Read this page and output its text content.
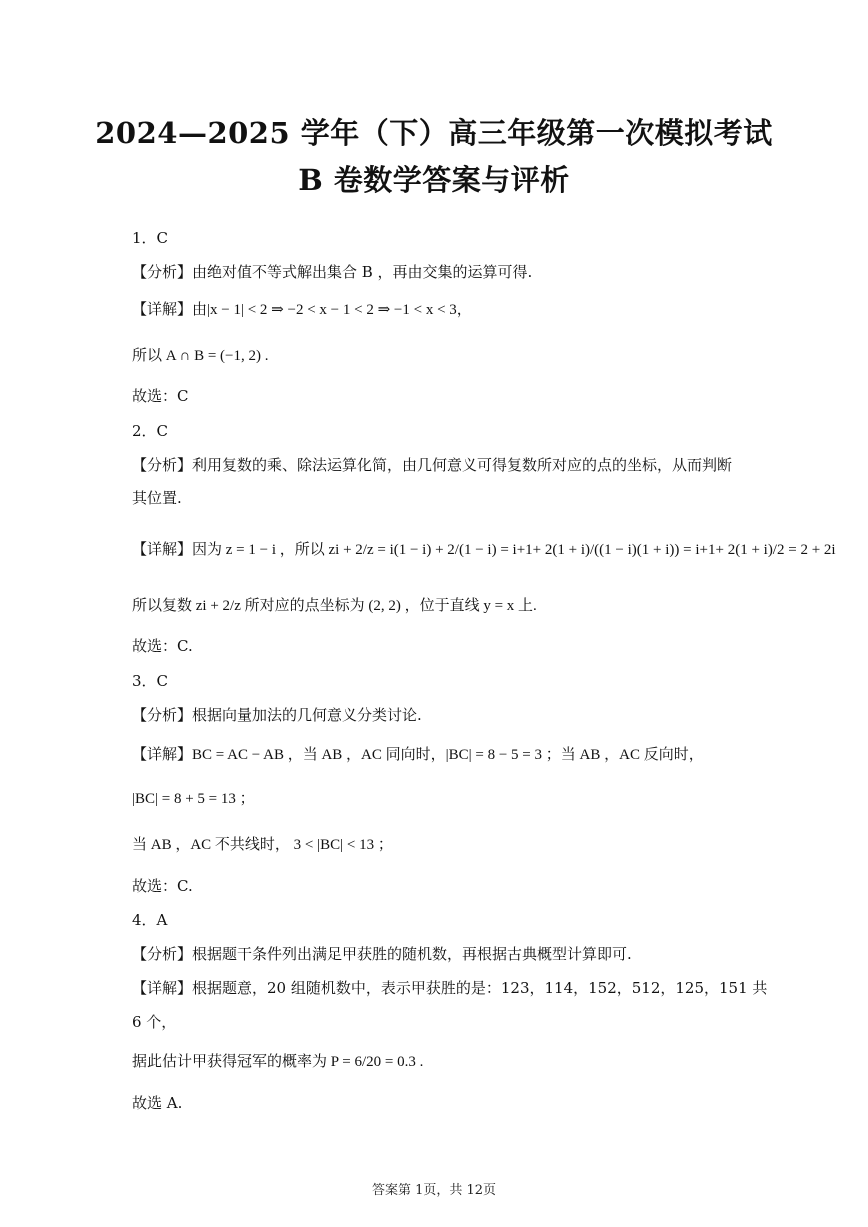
2024—2025 学年（下）高三年级第一次模拟考试
B 卷数学答案与评析
1．C
【分析】由绝对值不等式解出集合 B ，再由交集的运算可得.
【详解】由|x − 1| < 2 ⇒ −2 < x − 1 < 2 ⇒ −1 < x < 3，
所以 A ∩ B = (−1, 2) .
故选：C
2．C
【分析】利用复数的乘、除法运算化简，由几何意义可得复数所对应的点的坐标，从而判断
其位置.
【详解】因为 z = 1 − i ，所以 zi + 2/z = i(1 − i) + 2/(1 − i) = i+1+ 2(1 + i)/((1 − i)(1 + i)) = i+1+ 2(1 + i)/2 = 2 + 2i
所以复数 zi + 2/z 所对应的点坐标为 (2, 2) ，位于直线 y = x 上.
故选：C.
3．C
【分析】根据向量加法的几何意义分类讨论.
【详解】BC = AC − AB ，当 AB ，AC 同向时，|BC| = 8 − 5 = 3 ；当 AB ，AC 反向时，
|BC| = 8 + 5 = 13 ；
当 AB ，AC 不共线时， 3 < |BC| < 13 ；
故选：C.
4．A
【分析】根据题干条件列出满足甲获胜的随机数，再根据古典概型计算即可.
【详解】根据题意，20 组随机数中，表示甲获胜的是：123，114，152，512，125，151 共
6 个，
据此估计甲获得冠军的概率为 P = 6/20 = 0.3 .
故选 A.
答案第 1页，共 12页
